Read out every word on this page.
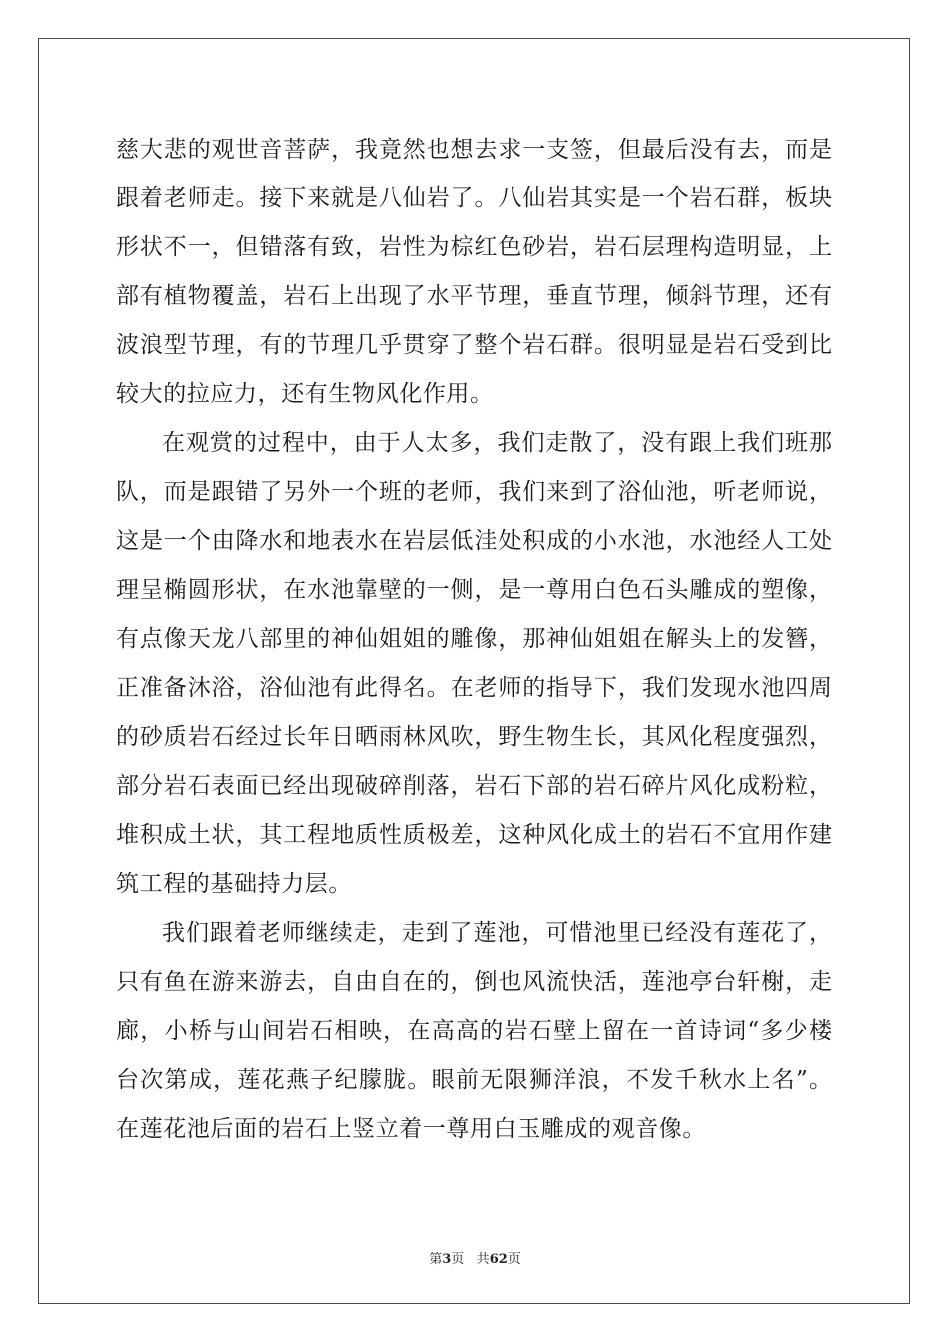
慈大悲的观世音菩萨，我竟然也想去求一支签，但最后没有去，而是
跟着老师走。接下来就是八仙岩了。八仙岩其实是一个岩石群，板块
形状不一，但错落有致，岩性为棕红色砂岩，岩石层理构造明显，上
部有植物覆盖，岩石上出现了水平节理，垂直节理，倾斜节理，还有
波浪型节理，有的节理几乎贯穿了整个岩石群。很明显是岩石受到比
较大的拉应力，还有生物风化作用。
在观赏的过程中，由于人太多，我们走散了，没有跟上我们班那
队，而是跟错了另外一个班的老师，我们来到了浴仙池，听老师说，
这是一个由降水和地表水在岩层低洼处积成的小水池，水池经人工处
理呈椭圆形状，在水池靠壁的一侧，是一尊用白色石头雕成的塑像，
有点像天龙八部里的神仙姐姐的雕像，那神仙姐姐在解头上的发簪，
正准备沐浴，浴仙池有此得名。在老师的指导下，我们发现水池四周
的砂质岩石经过长年日晒雨林风吹，野生物生长，其风化程度强烈，
部分岩石表面已经出现破碎削落，岩石下部的岩石碎片风化成粉粒，
堆积成土状，其工程地质性质极差，这种风化成土的岩石不宜用作建
筑工程的基础持力层。
我们跟着老师继续走，走到了莲池，可惜池里已经没有莲花了，
只有鱼在游来游去，自由自在的，倒也风流快活，莲池亭台轩榭，走
廊，小桥与山间岩石相映，在高高的岩石壁上留在一首诗词“多少楼
台次第成，莲花燕子纪朦胧。眼前无限狮洋浪，不发千秋水上名”。
在莲花池后面的岩石上竖立着一尊用白玉雕成的观音像。
第3页 共62页
